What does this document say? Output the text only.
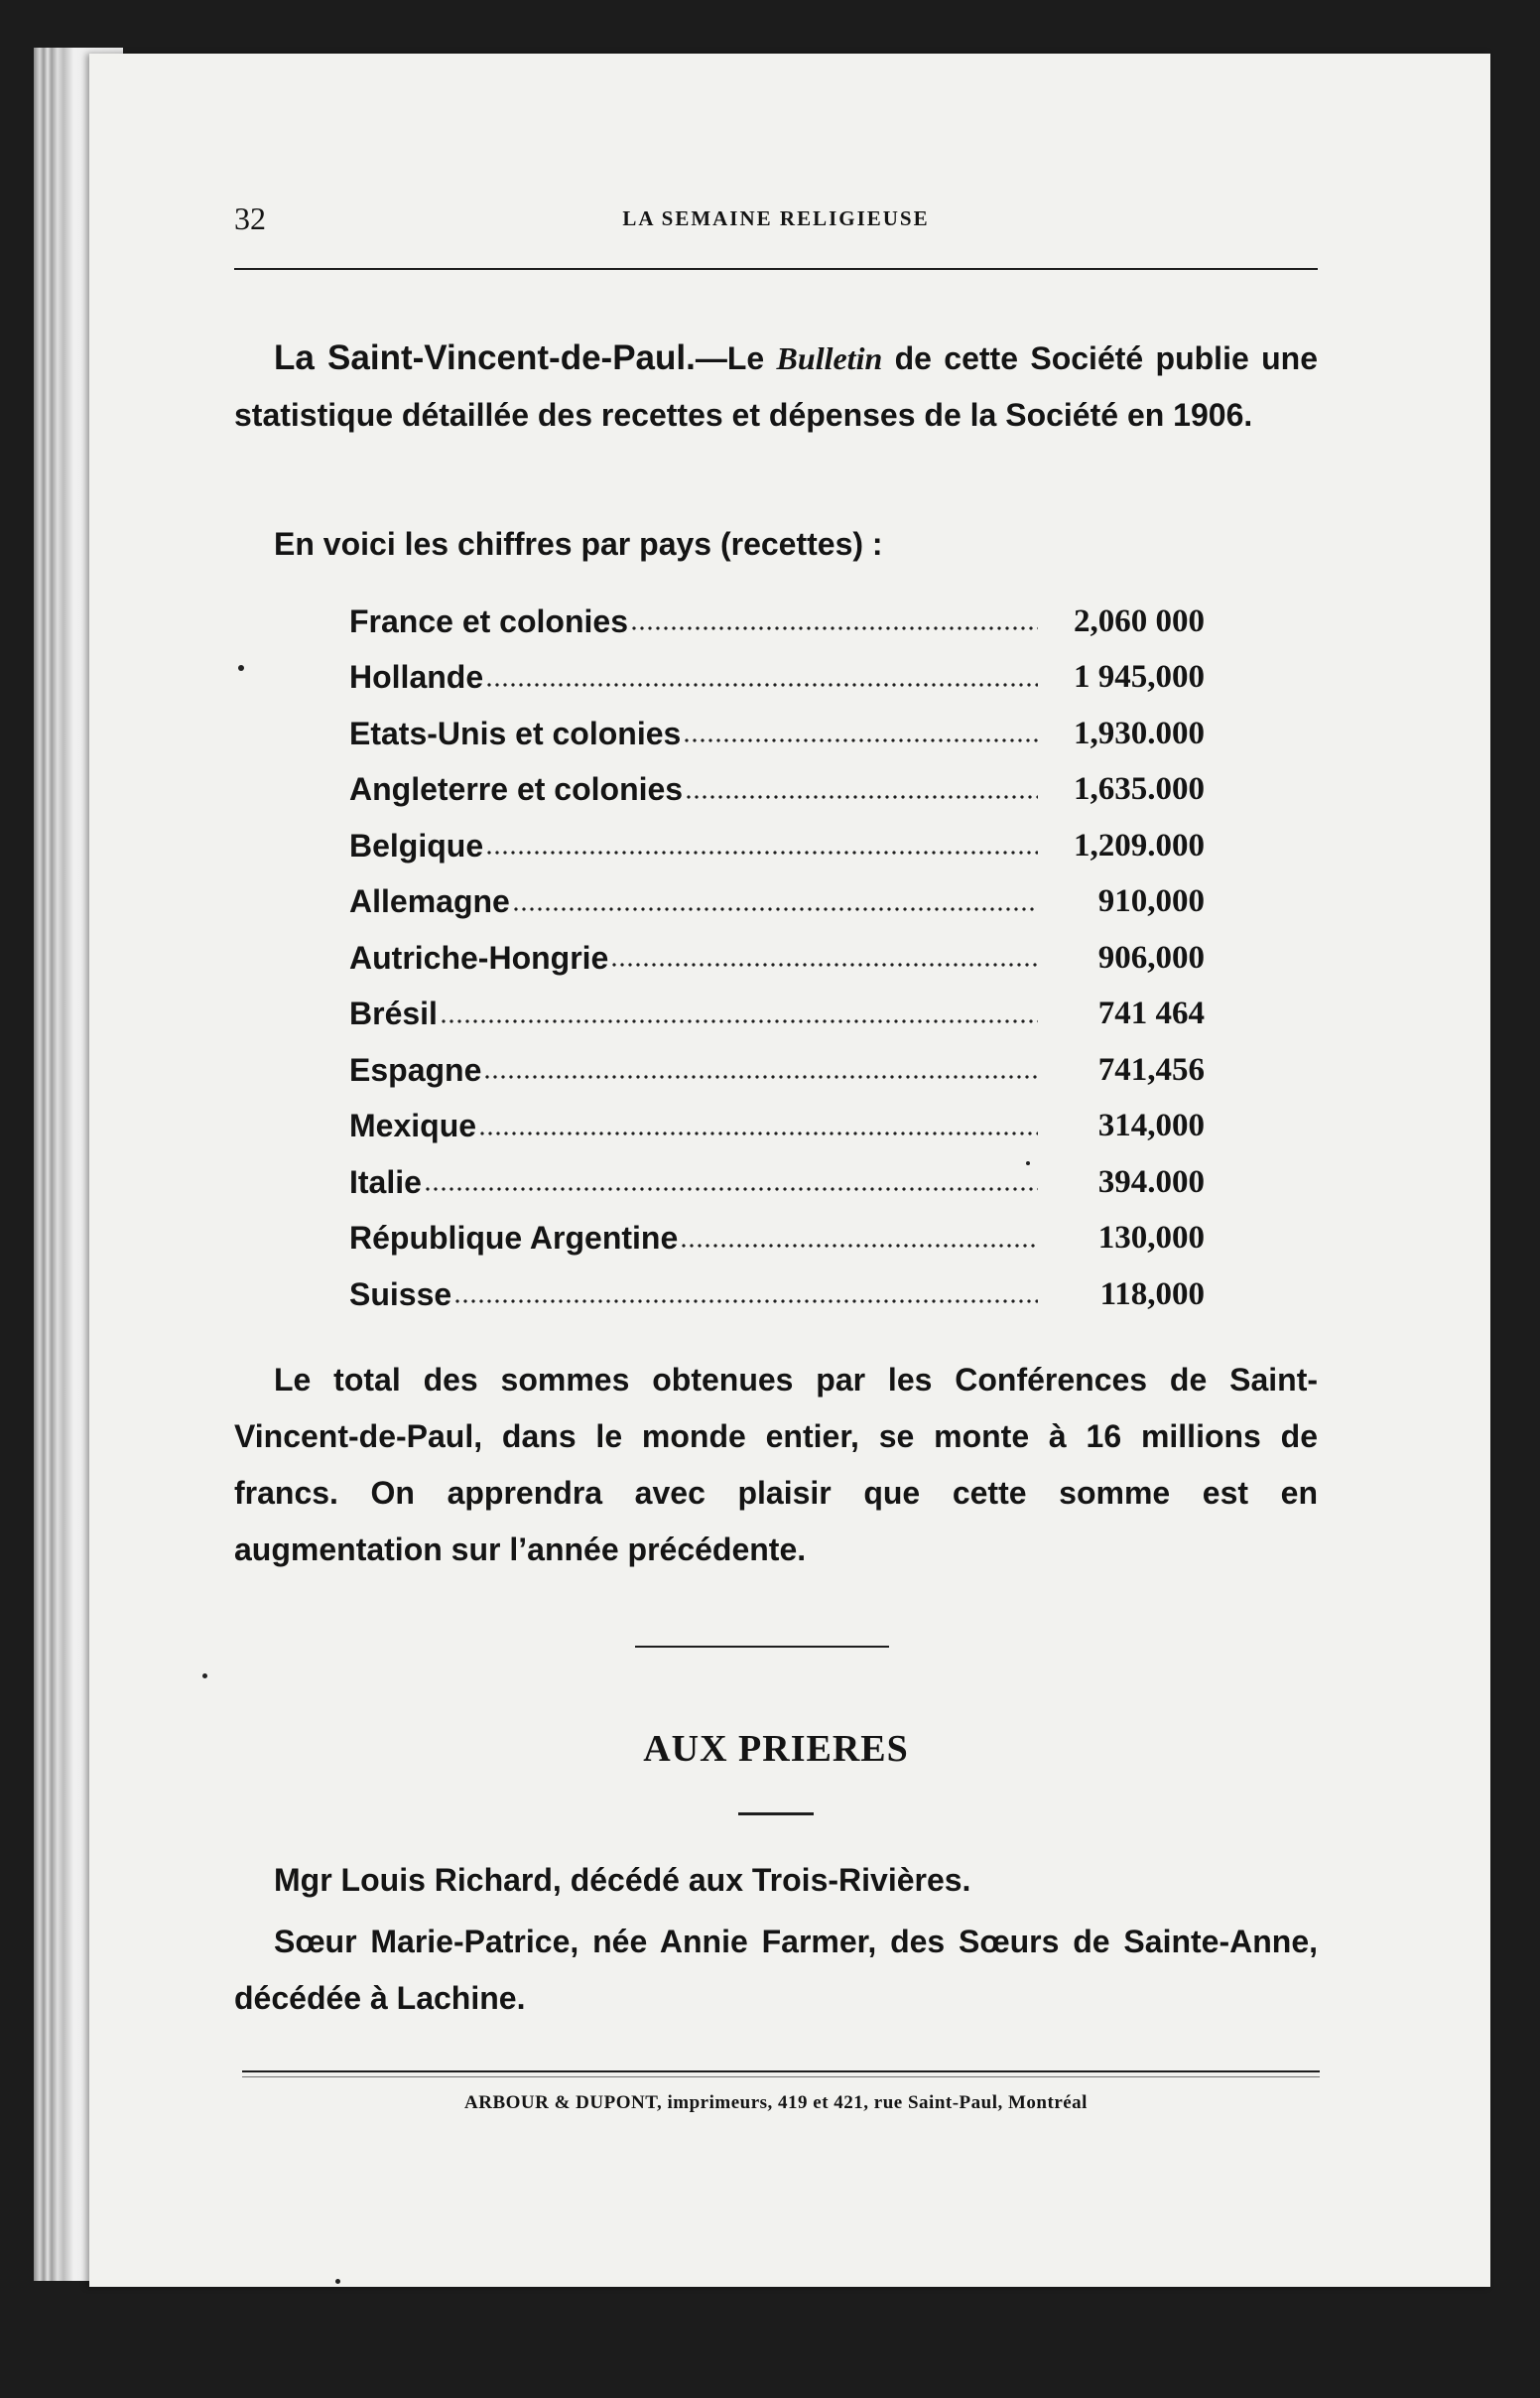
32	LA SEMAINE RELIGIEUSE
La Saint-Vincent-de-Paul.—Le Bulletin de cette Société publie une statistique détaillée des recettes et dépenses de la Société en 1906.
En voici les chiffres par pays (recettes) :
France et colonies	2,060 000
Hollande	1 945,000
Etats-Unis et colonies	1,930.000
Angleterre et colonies	1,635.000
Belgique	1,209.000
Allemagne	910,000
Autriche-Hongrie	906,000
Brésil	741 464
Espagne	741,456
Mexique	314,000
Italie	394.000
République Argentine	130,000
Suisse	118,000
Le total des sommes obtenues par les Conférences de Saint-Vincent-de-Paul, dans le monde entier, se monte à 16 millions de francs. On apprendra avec plaisir que cette somme est en augmentation sur l’année précédente.
AUX PRIERES
Mgr Louis Richard, décédé aux Trois-Rivières.
Sœur Marie-Patrice, née Annie Farmer, des Sœurs de Sainte-Anne, décédée à Lachine.
ARBOUR & DUPONT, imprimeurs, 419 et 421, rue Saint-Paul, Montréal
